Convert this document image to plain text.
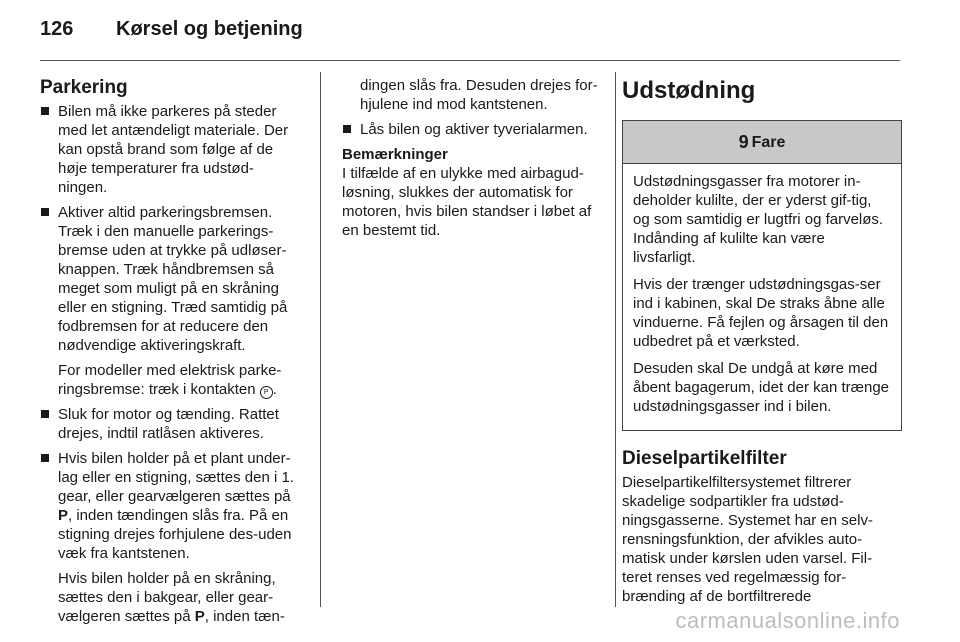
126	Kørsel og betjening
Parkering
Bilen må ikke parkeres på steder med let antændeligt materiale. Der kan opstå brand som følge af de høje temperaturer fra udstød-ningen.
Aktiver altid parkeringsbremsen. Træk i den manuelle parkerings-bremse uden at trykke på udløser-knappen. Træk håndbremsen så meget som muligt på en skråning eller en stigning. Træd samtidig på fodbremsen for at reducere den nødvendige aktiveringskraft.
For modeller med elektrisk parke-ringsbremse: træk i kontakten P .
Sluk for motor og tænding. Rattet drejes, indtil ratlåsen aktiveres.
Hvis bilen holder på et plant under-lag eller en stigning, sættes den i 1. gear, eller gearvælgeren sættes på P, inden tændingen slås fra. På en stigning drejes forhjulene des-uden væk fra kantstenen.
Hvis bilen holder på en skråning, sættes den i bakgear, eller gear-vælgeren sættes på P, inden tæn-
dingen slås fra. Desuden drejes for-hjulene ind mod kantstenen.
Lås bilen og aktiver tyverialarmen.
Bemærkninger

I tilfælde af en ulykke med airbagud-løsning, slukkes der automatisk for motoren, hvis bilen standser i løbet af en bestemt tid.

Udstødning
9 Fare

Udstødningsgasser fra motorer in-deholder kulilte, der er yderst gif-tig, og som samtidig er lugtfri og farveløs. Indånding af kulilte kan være livsfarligt.

Hvis der trænger udstødningsgas-ser ind i kabinen, skal De straks åbne alle vinduerne. Få fejlen og årsagen til den udbedret på et værksted.

Desuden skal De undgå at køre med åbent bagagerum, idet der kan trænge udstødningsgasser ind i bilen.

Dieselpartikelfilter

Dieselpartikelfiltersystemet filtrerer skadelige sodpartikler fra udstød-ningsgasserne. Systemet har en selv-rensningsfunktion, der afvikles auto-matisk under kørslen uden varsel. Fil-teret renses ved regelmæssig for-brænding af de bortfiltrerede

carmanualsonline.info
